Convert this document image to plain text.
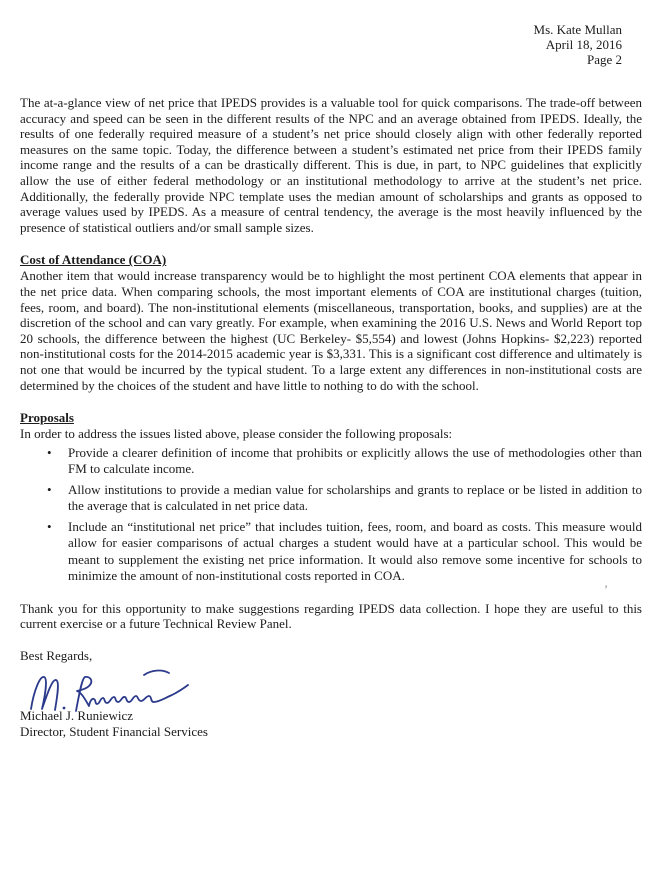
Ms. Kate Mullan
April 18, 2016
Page 2

The at-a-glance view of net price that IPEDS provides is a valuable tool for quick comparisons. The trade-off between accuracy and speed can be seen in the different results of the NPC and an average obtained from IPEDS. Ideally, the results of one federally required measure of a student’s net price should closely align with other federally reported measures on the same topic. Today, the difference between a student’s estimated net price from their IPEDS family income range and the results of a can be drastically different. This is due, in part, to NPC guidelines that explicitly allow the use of either federal methodology or an institutional methodology to arrive at the student’s net price. Additionally, the federally provide NPC template uses the median amount of scholarships and grants as opposed to average values used by IPEDS. As a measure of central tendency, the average is the most heavily influenced by the presence of statistical outliers and/or small sample sizes.

Cost of Attendance (COA)

Another item that would increase transparency would be to highlight the most pertinent COA elements that appear in the net price data. When comparing schools, the most important elements of COA are institutional charges (tuition, fees, room, and board). The non-institutional elements (miscellaneous, transportation, books, and supplies) are at the discretion of the school and can vary greatly. For example, when examining the 2016 U.S. News and World Report top 20 schools, the difference between the highest (UC Berkeley- $5,554) and lowest (Johns Hopkins- $2,223) reported non-institutional costs for the 2014-2015 academic year is $3,331. This is a significant cost difference and ultimately is not one that would be incurred by the typical student. To a large extent any differences in non-institutional costs are determined by the choices of the student and have little to nothing to do with the school.

Proposals

In order to address the issues listed above, please consider the following proposals:

• Provide a clearer definition of income that prohibits or explicitly allows the use of methodologies other than FM to calculate income.
• Allow institutions to provide a median value for scholarships and grants to replace or be listed in addition to the average that is calculated in net price data.
• Include an “institutional net price” that includes tuition, fees, room, and board as costs. This measure would allow for easier comparisons of actual charges a student would have at a particular school. This would be meant to supplement the existing net price information. It would also remove some incentive for schools to minimize the amount of non-institutional costs reported in COA.

Thank you for this opportunity to make suggestions regarding IPEDS data collection. I hope they are useful to this current exercise or a future Technical Review Panel.

Best Regards,

Michael J. Runiewicz
Director, Student Financial Services
’
